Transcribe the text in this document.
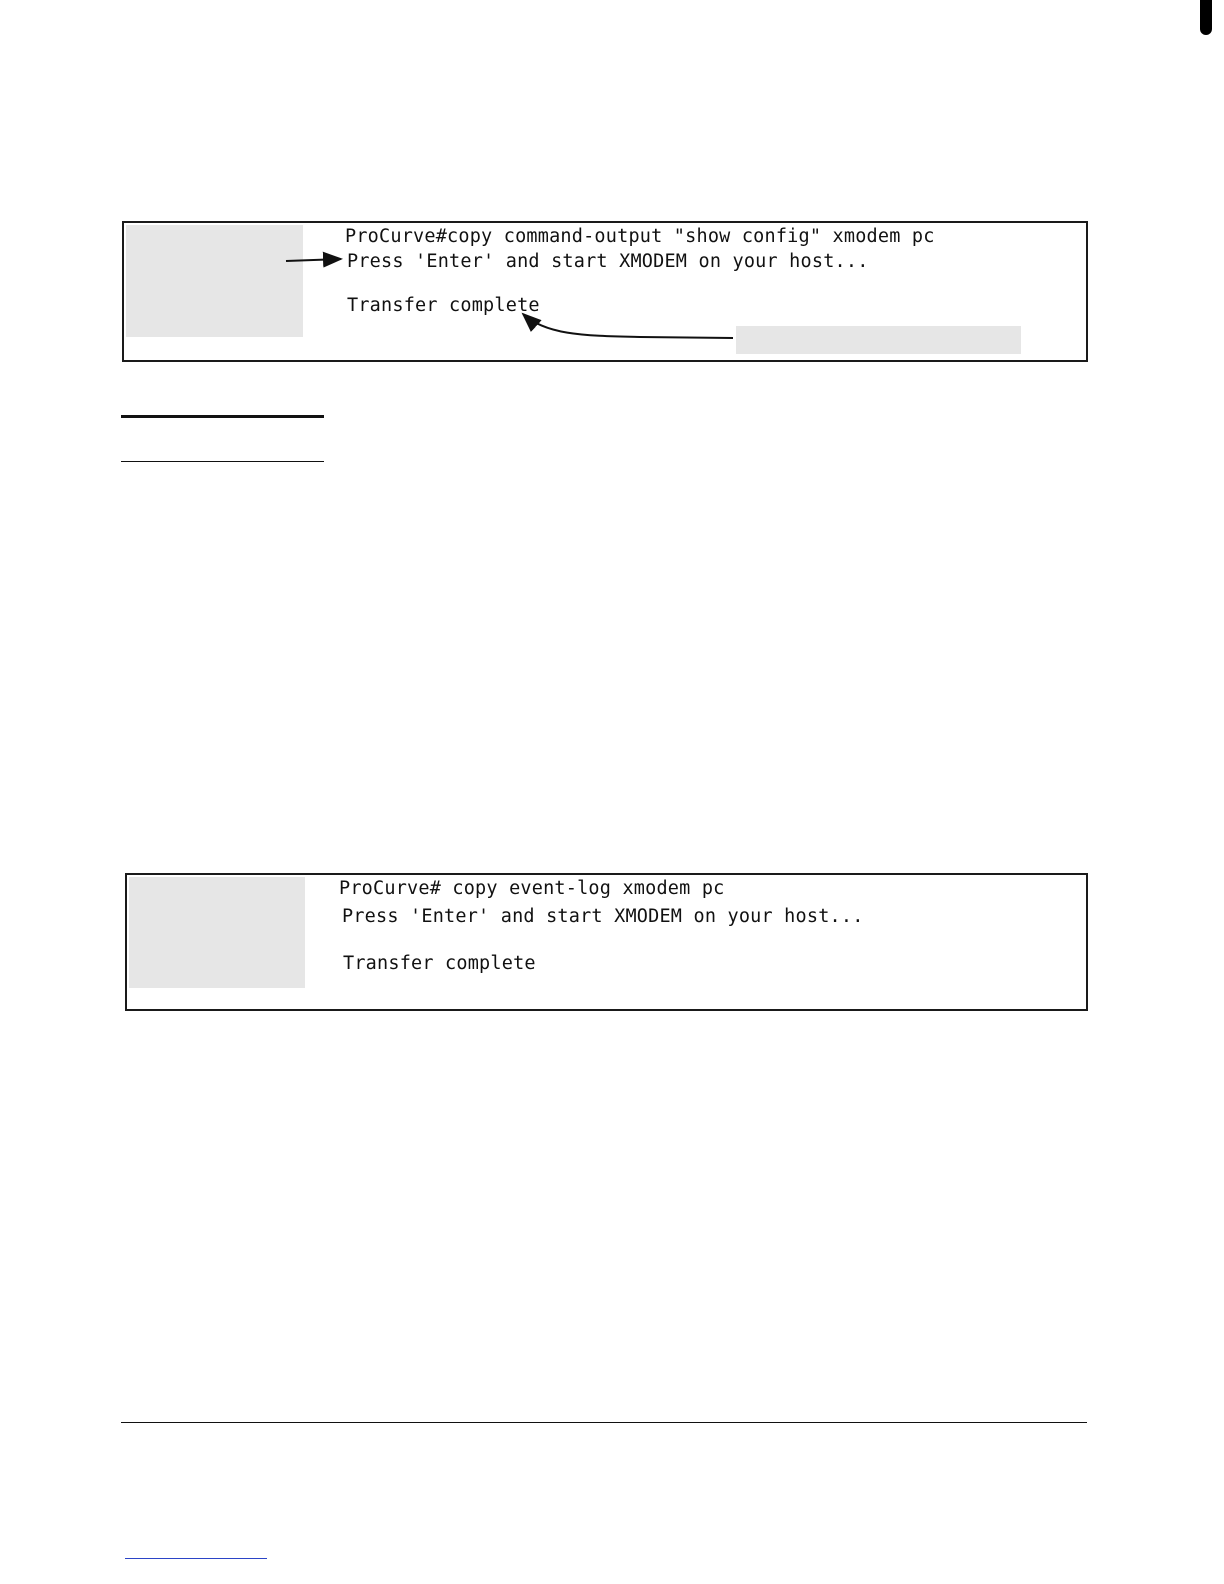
ProCurve#copy command-output "show config" xmodem pc

Press 'Enter' and start XMODEM on your host...

Transfer complete

ProCurve# copy event-log xmodem pc

Press 'Enter' and start XMODEM on your host...

Transfer complete
